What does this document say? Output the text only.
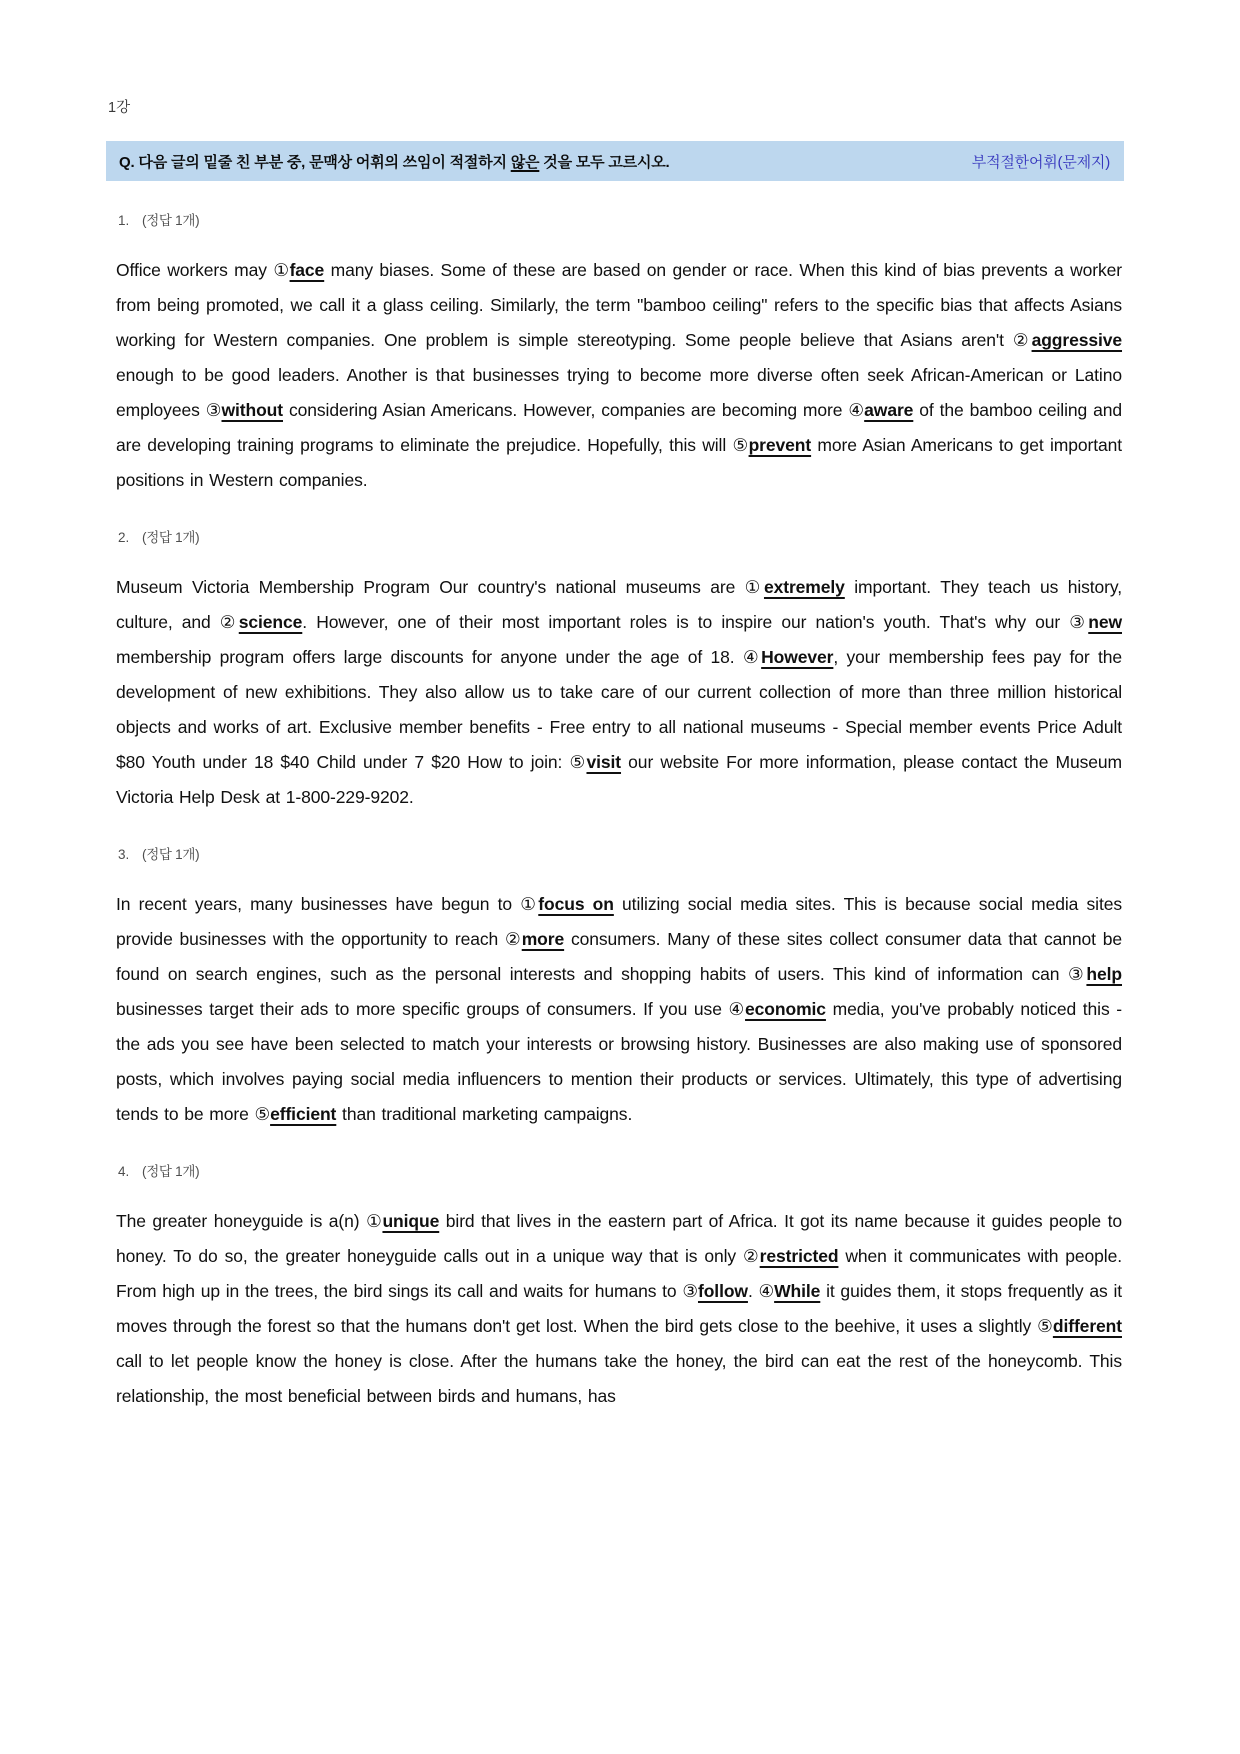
1강
Q. 다음 글의 밑줄 친 부분 중, 문맥상 어휘의 쓰임이 적절하지 않은 것을 모두 고르시오.	부적절한어휘(문제지)
1. (정답 1개)
Office workers may ①face many biases. Some of these are based on gender or race. When this kind of bias prevents a worker from being promoted, we call it a glass ceiling. Similarly, the term "bamboo ceiling" refers to the specific bias that affects Asians working for Western companies. One problem is simple stereotyping. Some people believe that Asians aren't ②aggressive enough to be good leaders. Another is that businesses trying to become more diverse often seek African-American or Latino employees ③without considering Asian Americans. However, companies are becoming more ④aware of the bamboo ceiling and are developing training programs to eliminate the prejudice. Hopefully, this will ⑤prevent more Asian Americans to get important positions in Western companies.
2. (정답 1개)
Museum Victoria Membership Program Our country's national museums are ①extremely important. They teach us history, culture, and ②science. However, one of their most important roles is to inspire our nation's youth. That's why our ③new membership program offers large discounts for anyone under the age of 18. ④However, your membership fees pay for the development of new exhibitions. They also allow us to take care of our current collection of more than three million historical objects and works of art. Exclusive member benefits - Free entry to all national museums - Special member events Price Adult $80 Youth under 18 $40 Child under 7 $20 How to join: ⑤visit our website For more information, please contact the Museum Victoria Help Desk at 1-800-229-9202.
3. (정답 1개)
In recent years, many businesses have begun to ①focus on utilizing social media sites. This is because social media sites provide businesses with the opportunity to reach ②more consumers. Many of these sites collect consumer data that cannot be found on search engines, such as the personal interests and shopping habits of users. This kind of information can ③help businesses target their ads to more specific groups of consumers. If you use ④economic media, you've probably noticed this - the ads you see have been selected to match your interests or browsing history. Businesses are also making use of sponsored posts, which involves paying social media influencers to mention their products or services. Ultimately, this type of advertising tends to be more ⑤efficient than traditional marketing campaigns.
4. (정답 1개)
The greater honeyguide is a(n) ①unique bird that lives in the eastern part of Africa. It got its name because it guides people to honey. To do so, the greater honeyguide calls out in a unique way that is only ②restricted when it communicates with people. From high up in the trees, the bird sings its call and waits for humans to ③follow. ④While it guides them, it stops frequently as it moves through the forest so that the humans don't get lost. When the bird gets close to the beehive, it uses a slightly ⑤different call to let people know the honey is close. After the humans take the honey, the bird can eat the rest of the honeycomb. This relationship, the most beneficial between birds and humans, has
